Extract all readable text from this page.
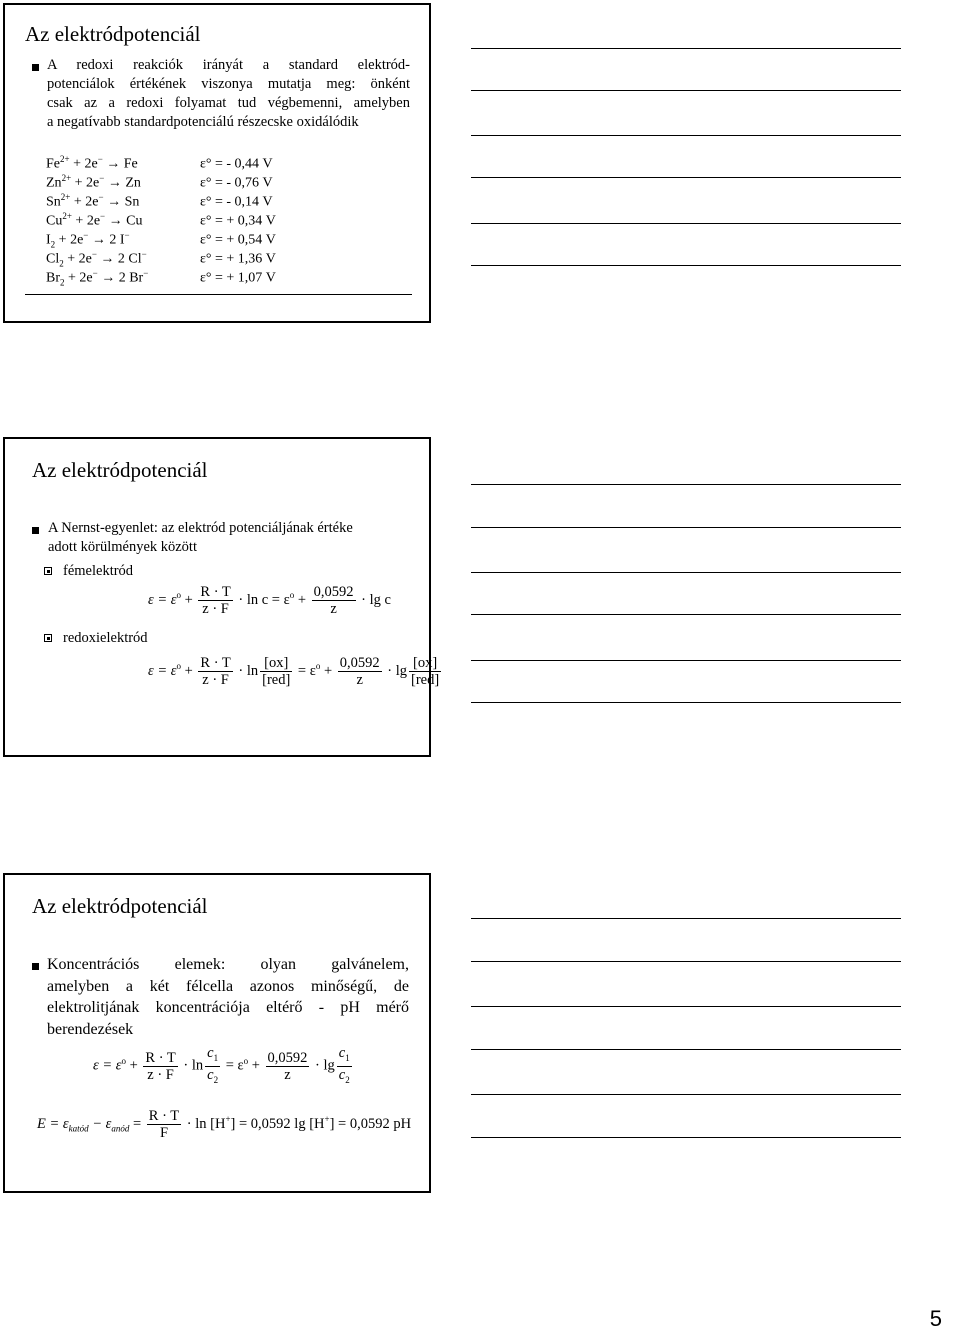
Az elektródpotenciál
A redoxi reakciók irányát a standard elektród-
potenciálok értékének viszonya mutatja meg: önként
csak az a redoxi folyamat tud végbemenni, amelyben
a negatívabb standardpotenciálú részecske oxidálódik
$Fe^{2+} + 2e^- \to Fe$	ε° = - 0,44 V
$Zn^{2+} + 2e^- \to Zn$	ε° = - 0,76 V
$Sn^{2+} + 2e^- \to Sn$	ε° = - 0,14 V
$Cu^{2+} + 2e^- \to Cu$	ε° = + 0,34 V
$I_2 + 2e^- \to 2$ I−	ε° = + 0,54 V
$Cl_2 + 2e^- \to 2$ Cl−	ε° = + 1,36 V
$Br_2 + 2e^- \to 2$ Br−	ε° = + 1,07 V
Az elektródpotenciál
A Nernst-egyenlet: az elektród potenciáljának értéke
adott körülmények között
fémelektród
redoxielektród
$\varepsilon = \varepsilon^o + \frac{R \cdot T}{z \cdot F} \cdot \ln c = \varepsilon^o + \frac{0,0592}{z} \cdot \lg c$
$\varepsilon = \varepsilon^o + \frac{R \cdot T}{z \cdot F} \cdot \ln \frac{[ox]}{\text{[red]}} = \varepsilon^o + \frac{0,0592}{z} \cdot \lg \frac{[ox]}{\text{[red]}}$
Az elektródpotenciál
Koncentrációs elemek: olyan galvánelem,
amelyben a két félcella azonos minőségű, de
elektrolitjának koncentrációja eltérő - pH mérő
berendezések
$\varepsilon = \varepsilon^o + \frac{R \cdot T}{z \cdot F} \cdot \ln \frac{c_1}{c_2} = \varepsilon^o + \frac{0,0592}{z} \cdot \lg \frac{c_1}{c_2}$
$E = \varepsilon_{katód} - \varepsilon_{anód} = \frac{R \cdot T}{F} \cdot \ln [H^+] = 0,0592$ lg [H+] = 0,0592 pH
5
